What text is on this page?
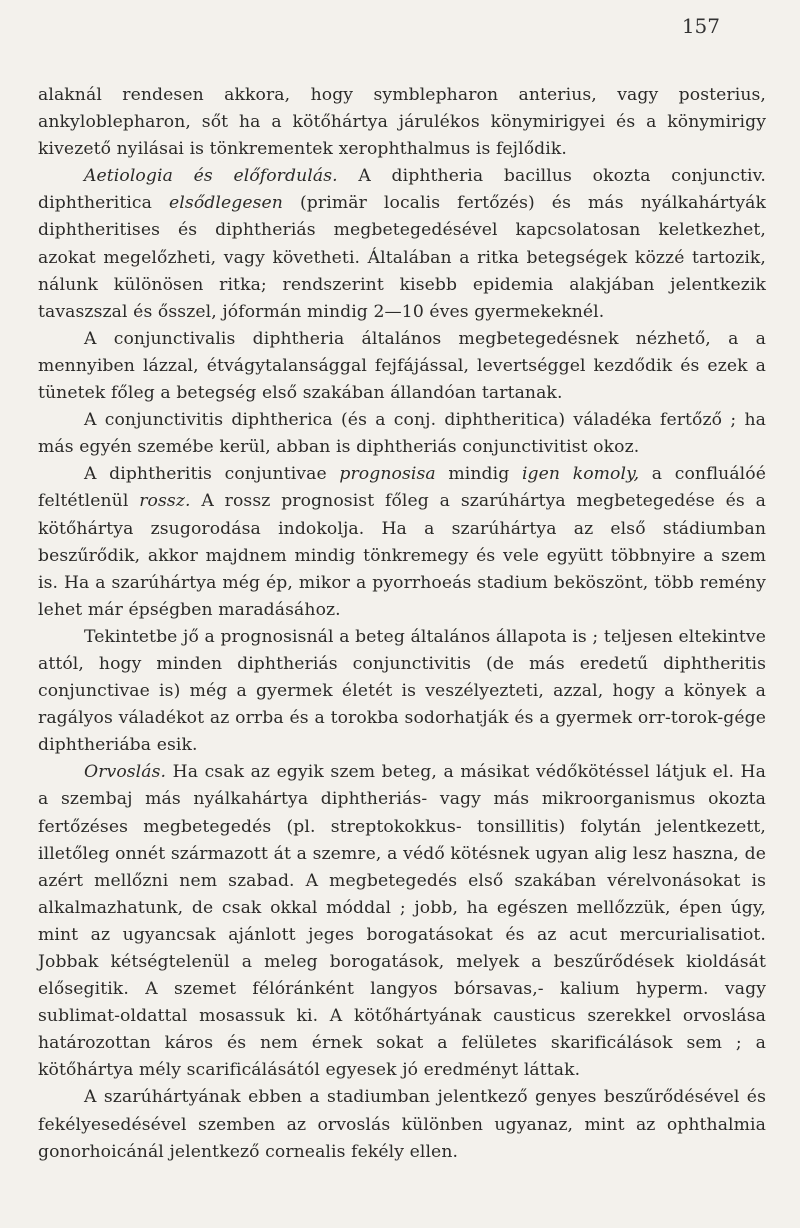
157

alaknál rendesen akkora, hogy symblepharon anterius, vagy posterius, ankyloblepharon, sőt ha a kötőhártya járulékos könymirigyei és a könymirigy kivezető nyilásai is tönkrementek xerophthalmus is fejlődik.

Aetiologia és előfordulás. A diphtheria bacillus okozta conjunctiv. diphtheritica elsődlegesen (primär localis fertőzés) és más nyálkahártyák diphtheritises és diphtheriás megbetegedésével kapcsolatosan keletkezhet, azokat megelőzheti, vagy követheti. Általában a ritka betegségek közzé tartozik, nálunk különösen ritka; rendszerint kisebb epidemia alakjában jelentkezik tavaszszal és ősszel, jóformán mindig 2—10 éves gyermekeknél.

A conjunctivalis diphtheria általános megbetegedésnek nézhető, a a mennyiben lázzal, étvágytalansággal fejfájással, levertséggel kezdődik és ezek a tünetek főleg a betegség első szakában állandóan tartanak.

A conjunctivitis diphtherica (és a conj. diphtheritica) váladéka fertőző ; ha más egyén szemébe kerül, abban is diphtheriás conjunctivitist okoz.

A diphtheritis conjuntivae prognosisa mindig igen komoly, a confluálóé feltétlenül rossz. A rossz prognosist főleg a szarúhártya megbetegedése és a kötőhártya zsugorodása indokolja. Ha a szarúhártya az első stádiumban beszűrődik, akkor majdnem mindig tönkremegy és vele együtt többnyire a szem is. Ha a szarúhártya még ép, mikor a pyorrhoeás stadium beköszönt, több remény lehet már épségben maradásához.

Tekintetbe jő a prognosisnál a beteg általános állapota is ; teljesen eltekintve attól, hogy minden diphtheriás conjunctivitis (de más eredetű diphtheritis conjunctivae is) még a gyermek életét is veszélyezteti, azzal, hogy a könyek a ragályos váladékot az orrba és a torokba sodorhatják és a gyermek orr-torok-gége diphtheriába esik.

Orvoslás. Ha csak az egyik szem beteg, a másikat védőkötéssel látjuk el. Ha a szembaj más nyálkahártya diphtheriás- vagy más mikroorganismus okozta fertőzéses megbetegedés (pl. streptokokkus- tonsillitis) folytán jelentkezett, illetőleg onnét származott át a szemre, a védő kötésnek ugyan alig lesz haszna, de azért mellőzni nem szabad. A megbetegedés első szakában vérelvonásokat is alkalmazhatunk, de csak okkal móddal ; jobb, ha egészen mellőzzük, épen úgy, mint az ugyancsak ajánlott jeges borogatásokat és az acut mercurialisatiot. Jobbak kétségtelenül a meleg borogatások, melyek a beszűrődések kioldását elősegitik. A szemet félóránként langyos bórsavas,- kalium hyperm. vagy sublimat-oldattal mosassuk ki. A kötőhártyának causticus szerekkel orvoslása határozottan káros és nem érnek sokat a felületes skarificálások sem ; a kötőhártya mély scarificálásától egyesek jó eredményt láttak.

A szarúhártyának ebben a stadiumban jelentkező genyes beszűrődésével és fekélyesedésével szemben az orvoslás különben ugyanaz, mint az ophthalmia gonorhoicánál jelentkező cornealis fekély ellen.
